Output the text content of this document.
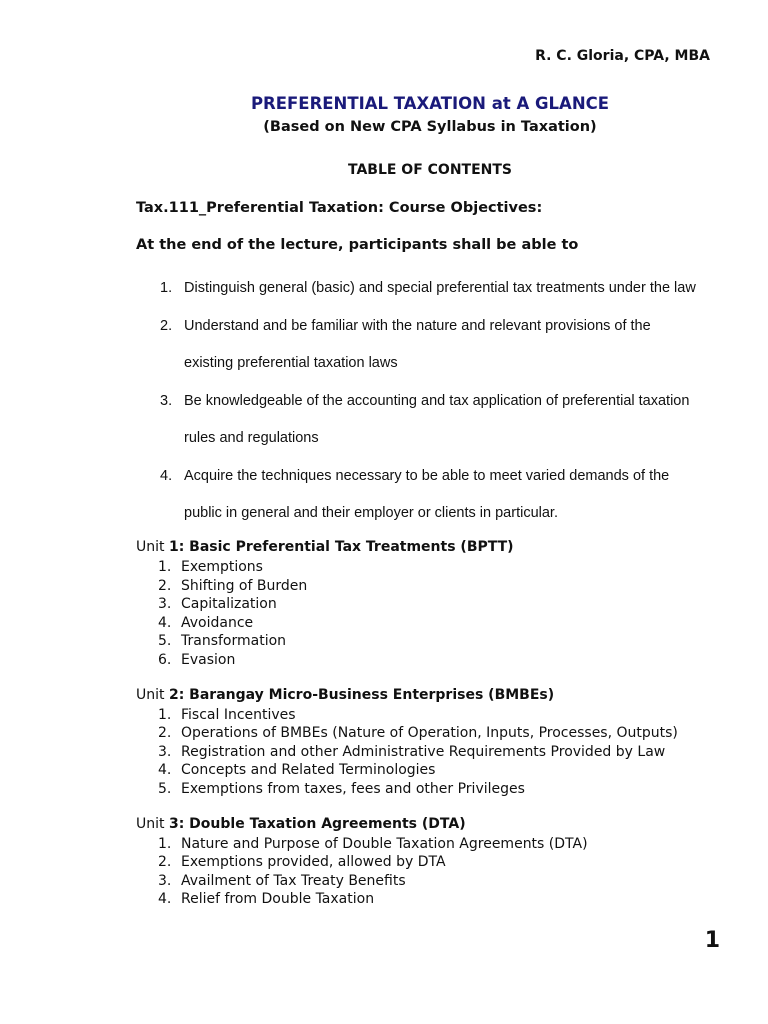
R. C. Gloria, CPA, MBA
PREFERENTIAL TAXATION at A GLANCE
(Based on New CPA Syllabus in Taxation)
TABLE OF CONTENTS
Tax.111_Preferential Taxation: Course Objectives:
At the end of the lecture, participants shall be able to
1. Distinguish general (basic) and special preferential tax treatments under the law
2. Understand and be familiar with the nature and relevant provisions of the
existing preferential taxation laws
3. Be knowledgeable of the accounting and tax application of preferential taxation
rules and regulations
4. Acquire the techniques necessary to be able to meet varied demands of the
public in general and their employer or clients in particular.
Unit 1: Basic Preferential Tax Treatments (BPTT)
1. Exemptions
2. Shifting of Burden
3. Capitalization
4. Avoidance
5. Transformation
6. Evasion
Unit 2: Barangay Micro-Business Enterprises (BMBEs)
1. Fiscal Incentives
2. Operations of BMBEs (Nature of Operation, Inputs, Processes, Outputs)
3. Registration and other Administrative Requirements Provided by Law
4. Concepts and Related Terminologies
5. Exemptions from taxes, fees and other Privileges
Unit 3: Double Taxation Agreements (DTA)
1. Nature and Purpose of Double Taxation Agreements (DTA)
2. Exemptions provided, allowed by DTA
3. Availment of Tax Treaty Benefits
4. Relief from Double Taxation
1
